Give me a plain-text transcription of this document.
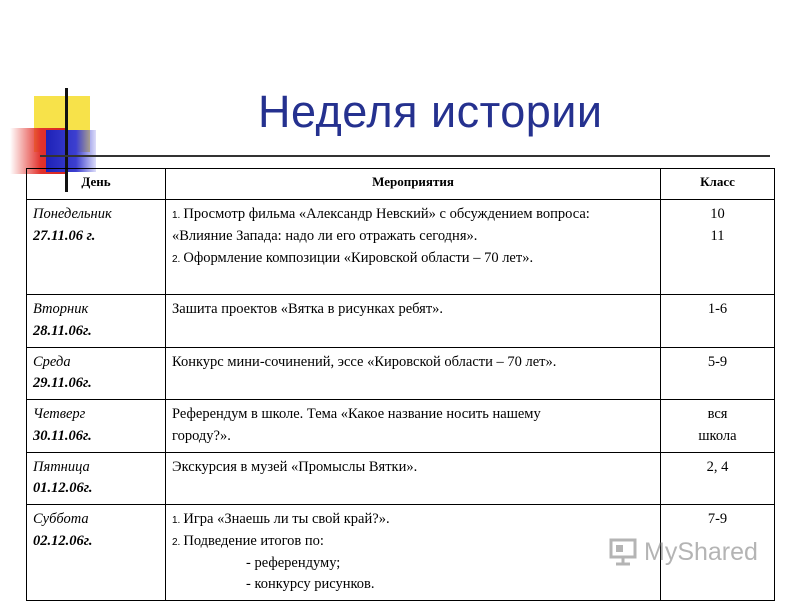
Неделя истории
День	Мероприятия	Класс

Понедельник
27.11.06 г.	1. Просмотр фильма «Александр Невский» с обсуждением вопроса:
«Влияние Запада: надо ли его отражать сегодня».
2. Оформление композиции «Кировской области – 70 лет».	10
11

Вторник
28.11.06г.	Зашита проектов «Вятка в рисунках ребят».	1-6

Среда
29.11.06г.	Конкурс мини-сочинений, эссе «Кировской области – 70 лет».	5-9

Четверг
30.11.06г.	Референдум в школе. Тема «Какое название носить нашему
городу?».	вся
школа

Пятница
01.12.06г.	Экскурсия в музей «Промыслы Вятки».	2, 4

Суббота
02.12.06г.	1. Игра «Знаешь ли ты свой край?».
2. Подведение итогов по:
- референдуму;
- конкурсу рисунков.	7-9
MyShared
